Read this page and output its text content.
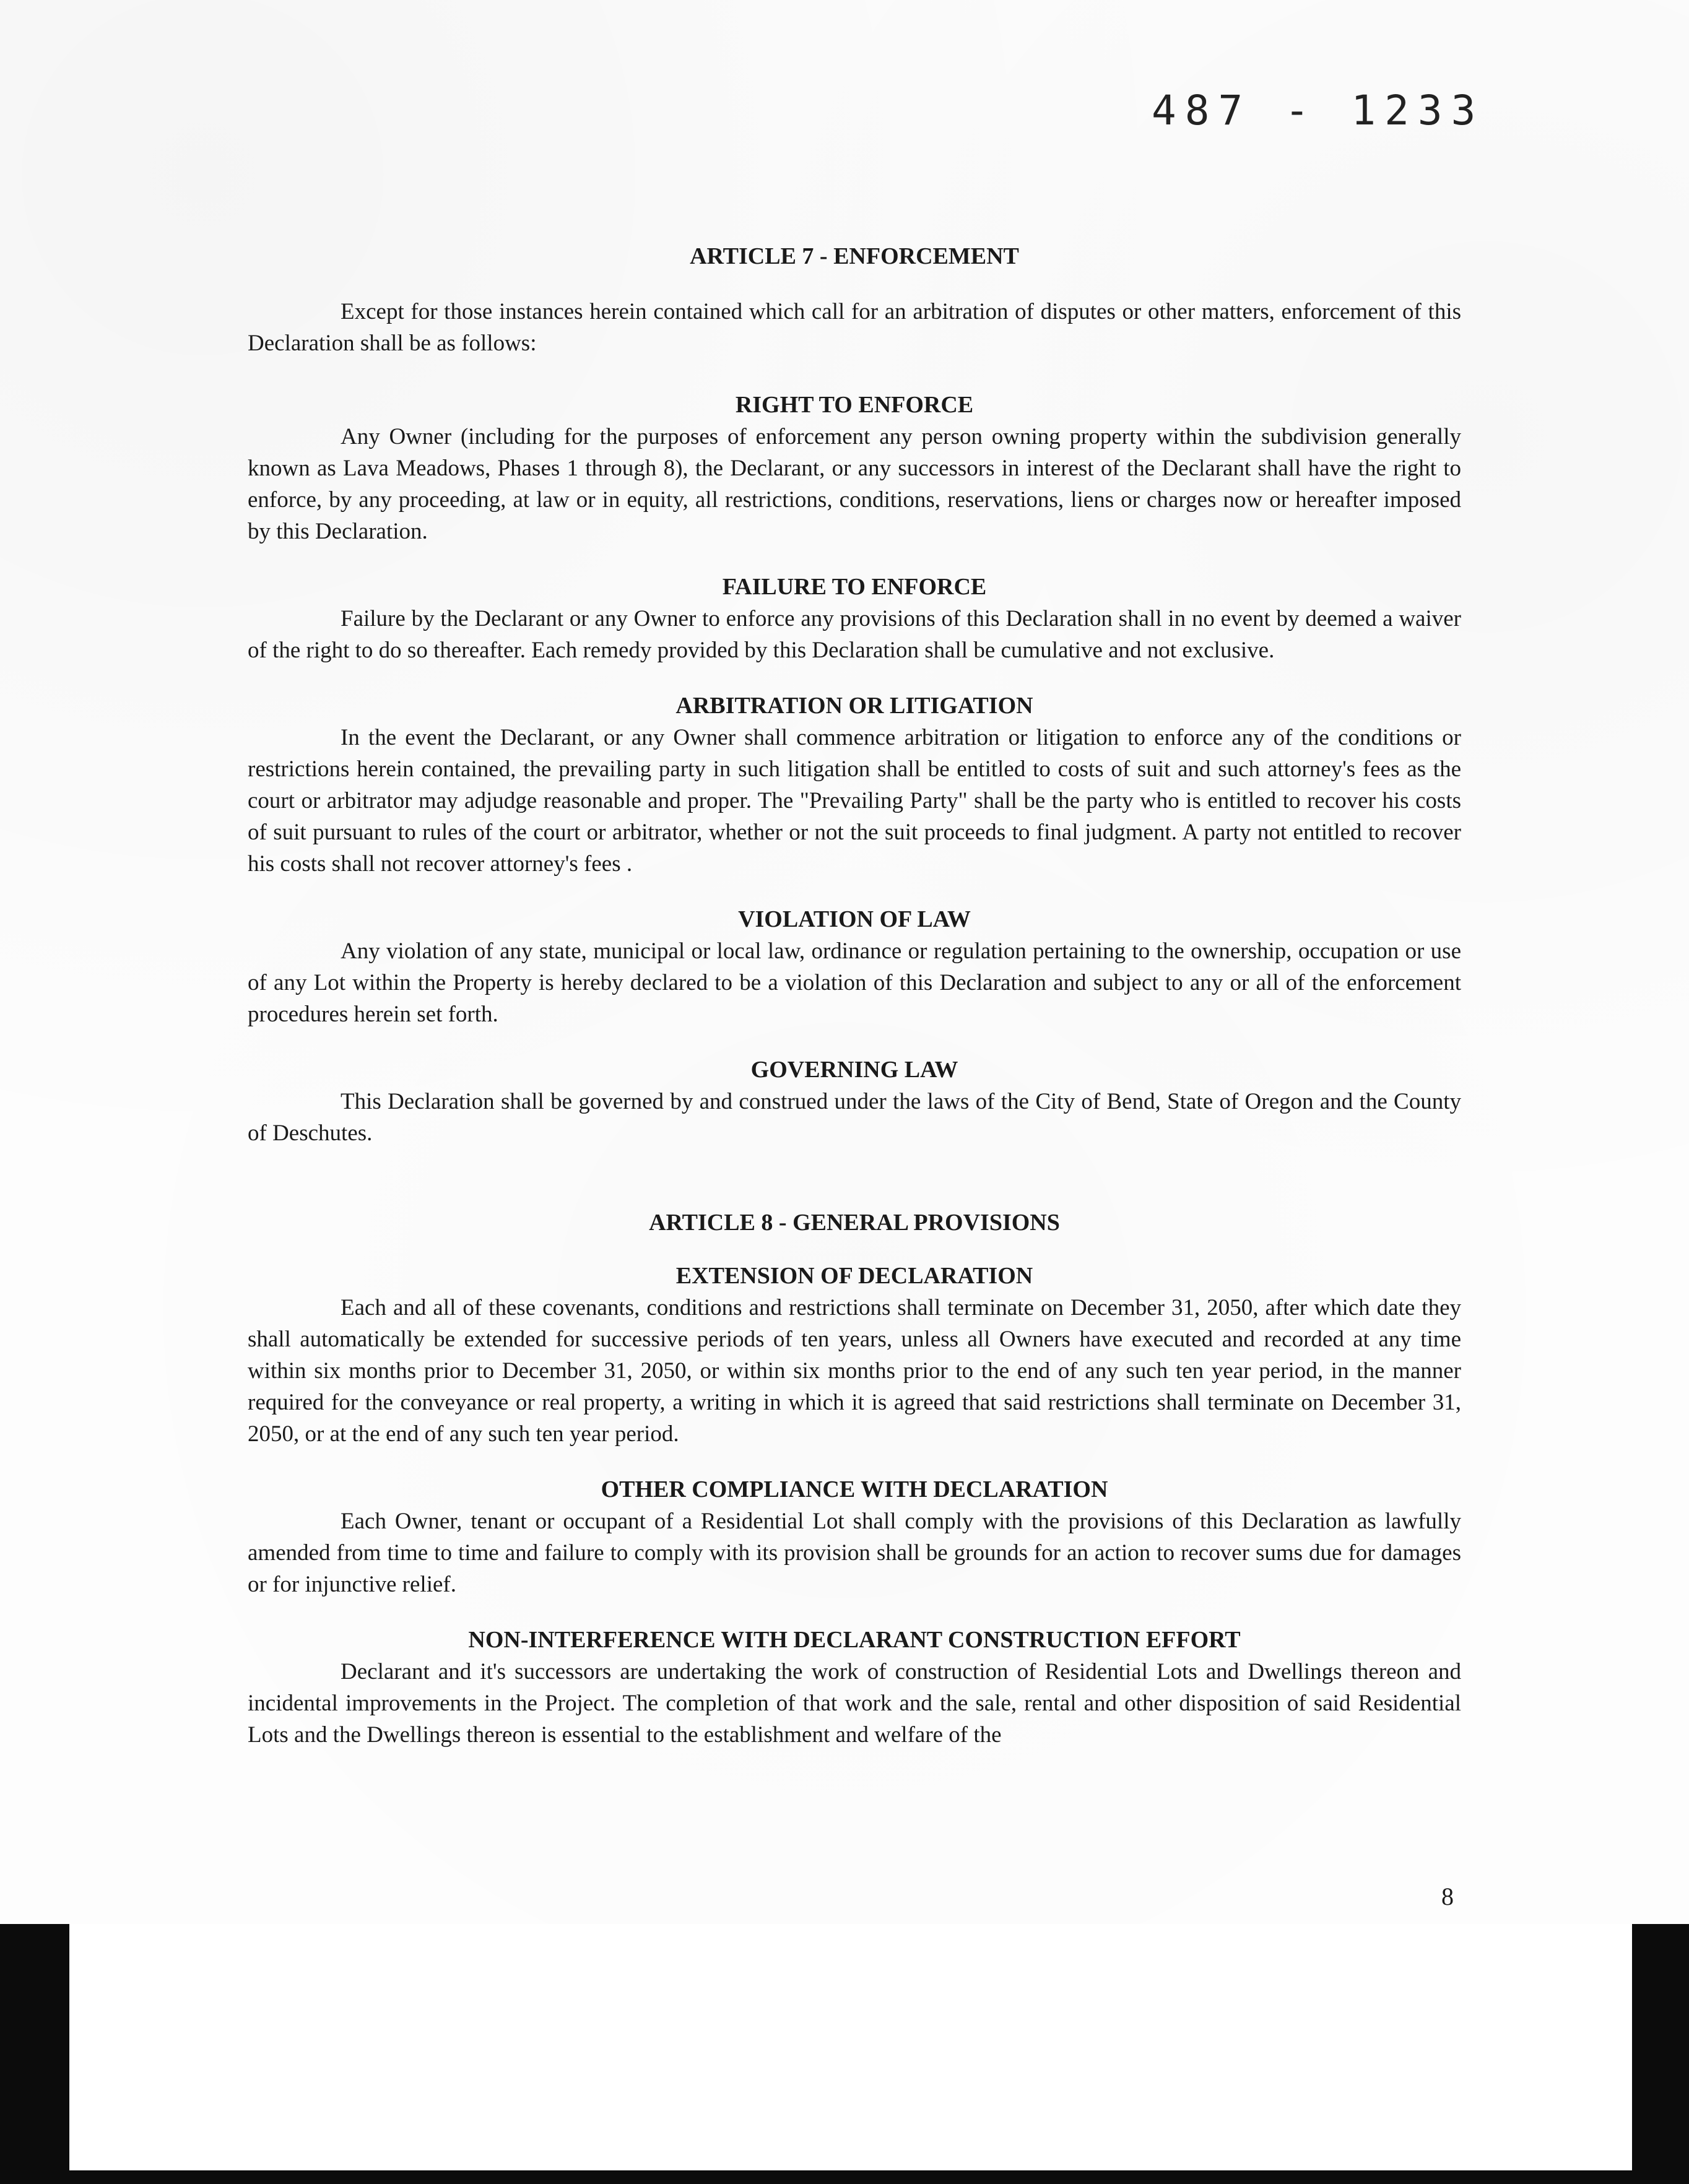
487 - 1233
ARTICLE 7 - ENFORCEMENT

Except for those instances herein contained which call for an arbitration of disputes or other matters, enforcement of this Declaration shall be as follows:

RIGHT TO ENFORCE

Any Owner (including for the purposes of enforcement any person owning property within the subdivision generally known as Lava Meadows, Phases 1 through 8), the Declarant, or any successors in interest of the Declarant shall have the right to enforce, by any proceeding, at law or in equity, all restrictions, conditions, reservations, liens or charges now or hereafter imposed by this Declaration.

FAILURE TO ENFORCE

Failure by the Declarant or any Owner to enforce any provisions of this Declaration shall in no event by deemed a waiver of the right to do so thereafter. Each remedy provided by this Declaration shall be cumulative and not exclusive.

ARBITRATION OR LITIGATION

In the event the Declarant, or any Owner shall commence arbitration or litigation to enforce any of the conditions or restrictions herein contained, the prevailing party in such litigation shall be entitled to costs of suit and such attorney's fees as the court or arbitrator may adjudge reasonable and proper. The "Prevailing Party" shall be the party who is entitled to recover his costs of suit pursuant to rules of the court or arbitrator, whether or not the suit proceeds to final judgment. A party not entitled to recover his costs shall not recover attorney's fees .

VIOLATION OF LAW

Any violation of any state, municipal or local law, ordinance or regulation pertaining to the ownership, occupation or use of any Lot within the Property is hereby declared to be a violation of this Declaration and subject to any or all of the enforcement procedures herein set forth.

GOVERNING LAW

This Declaration shall be governed by and construed under the laws of the City of Bend, State of Oregon and the County of Deschutes.

ARTICLE 8 - GENERAL PROVISIONS
EXTENSION OF DECLARATION

Each and all of these covenants, conditions and restrictions shall terminate on December 31, 2050, after which date they shall automatically be extended for successive periods of ten years, unless all Owners have executed and recorded at any time within six months prior to December 31, 2050, or within six months prior to the end of any such ten year period, in the manner required for the conveyance or real property, a writing in which it is agreed that said restrictions shall terminate on December 31, 2050, or at the end of any such ten year period.

OTHER COMPLIANCE WITH DECLARATION

Each Owner, tenant or occupant of a Residential Lot shall comply with the provisions of this Declaration as lawfully amended from time to time and failure to comply with its provision shall be grounds for an action to recover sums due for damages or for injunctive relief.

NON-INTERFERENCE WITH DECLARANT CONSTRUCTION EFFORT

Declarant and it's successors are undertaking the work of construction of Residential Lots and Dwellings thereon and incidental improvements in the Project. The completion of that work and the sale, rental and other disposition of said Residential Lots and the Dwellings thereon is essential to the establishment and welfare of the

8
